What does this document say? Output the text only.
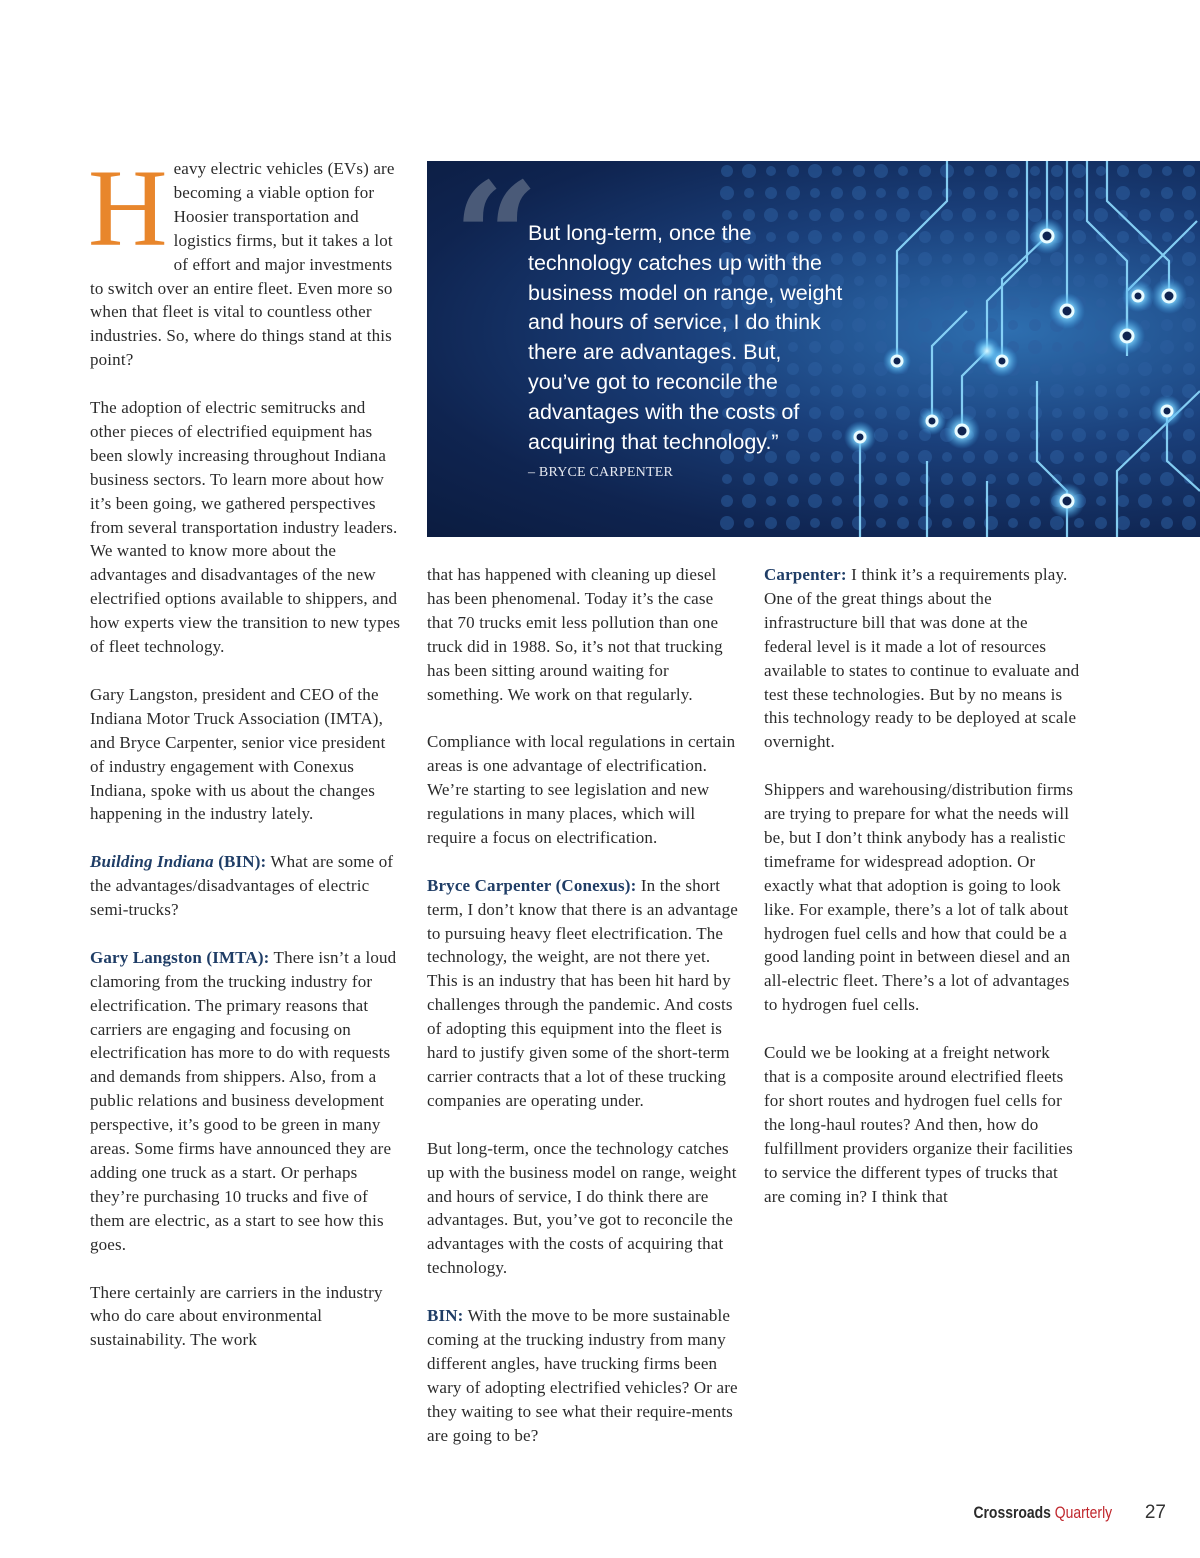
Heavy electric vehicles (EVs) are becoming a viable option for Hoosier transportation and logistics firms, but it takes a lot of effort and major investments to switch over an entire fleet. Even more so when that fleet is vital to countless other industries. So, where do things stand at this point?

The adoption of electric semitrucks and other pieces of electrified equipment has been slowly increasing throughout Indiana business sectors. To learn more about how it’s been going, we gathered perspectives from several transportation industry leaders. We wanted to know more about the advantages and disadvantages of the new electrified options available to shippers, and how experts view the transition to new types of fleet technology.

Gary Langston, president and CEO of the Indiana Motor Truck Association (IMTA), and Bryce Carpenter, senior vice president of industry engagement with Conexus Indiana, spoke with us about the changes happening in the industry lately.

Building Indiana (BIN): What are some of the advantages/disadvantages of electric semi-trucks?

Gary Langston (IMTA): There isn’t a loud clamoring from the trucking industry for electrification. The primary reasons that carriers are engaging and focusing on electrification has more to do with requests and demands from shippers. Also, from a public relations and business development perspective, it’s good to be green in many areas. Some firms have announced they are adding one truck as a start. Or perhaps they’re purchasing 10 trucks and five of them are electric, as a start to see how this goes.

There certainly are carriers in the industry who do care about environmental sustainability. The work

“
But long-term, once the technology catches up with the business model on range, weight and hours of service, I do think there are advantages. But, you’ve got to reconcile the advantages with the costs of acquiring that technology.”
– BRYCE CARPENTER

that has happened with cleaning up diesel has been phenomenal. Today it’s the case that 70 trucks emit less pollution than one truck did in 1988. So, it’s not that trucking has been sitting around waiting for something. We work on that regularly.

Compliance with local regulations in certain areas is one advantage of electrification. We’re starting to see legislation and new regulations in many places, which will require a focus on electrification.

Bryce Carpenter (Conexus): In the short term, I don’t know that there is an advantage to pursuing heavy fleet electrification. The technology, the weight, are not there yet. This is an industry that has been hit hard by challenges through the pandemic. And costs of adopting this equipment into the fleet is hard to justify given some of the short-term carrier contracts that a lot of these trucking companies are operating under.

But long-term, once the technology catches up with the business model on range, weight and hours of service, I do think there are advantages. But, you’ve got to reconcile the advantages with the costs of acquiring that technology.

BIN: With the move to be more sustainable coming at the trucking industry from many different angles, have trucking firms been wary of adopting electrified vehicles? Or are they waiting to see what their require-ments are going to be?

Carpenter: I think it’s a requirements play. One of the great things about the infrastructure bill that was done at the federal level is it made a lot of resources available to states to continue to evaluate and test these technologies. But by no means is this technology ready to be deployed at scale overnight.

Shippers and warehousing/distribution firms are trying to prepare for what the needs will be, but I don’t think anybody has a realistic timeframe for widespread adoption. Or exactly what that adoption is going to look like. For example, there’s a lot of talk about hydrogen fuel cells and how that could be a good landing point in between diesel and an all-electric fleet. There’s a lot of advantages to hydrogen fuel cells.

Could we be looking at a freight network that is a composite around electrified fleets for short routes and hydrogen fuel cells for the long-haul routes? And then, how do fulfillment providers organize their facilities to service the different types of trucks that are coming in? I think that

Crossroads Quarterly 27
